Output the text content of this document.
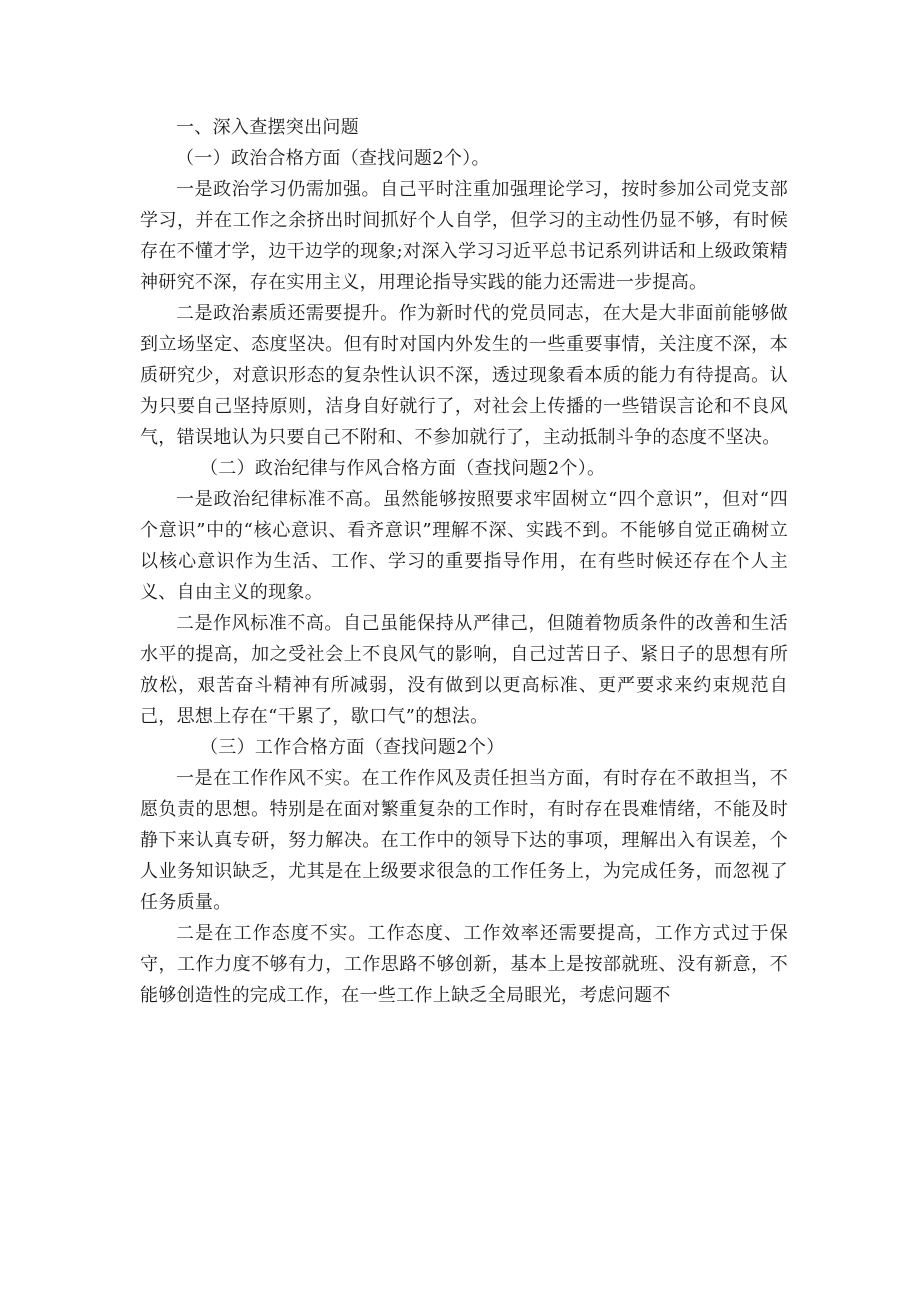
一、深入查摆突出问题

（一）政治合格方面（查找问题2个）。

一是政治学习仍需加强。自己平时注重加强理论学习，按时参加公司党支部学习，并在工作之余挤出时间抓好个人自学，但学习的主动性仍显不够，有时候存在不懂才学，边干边学的现象;对深入学习习近平总书记系列讲话和上级政策精神研究不深，存在实用主义，用理论指导实践的能力还需进一步提高。

二是政治素质还需要提升。作为新时代的党员同志，在大是大非面前能够做到立场坚定、态度坚决。但有时对国内外发生的一些重要事情，关注度不深，本质研究少，对意识形态的复杂性认识不深，透过现象看本质的能力有待提高。认为只要自己坚持原则，洁身自好就行了，对社会上传播的一些错误言论和不良风气，错误地认为只要自己不附和、不参加就行了，主动抵制斗争的态度不坚决。

（二）政治纪律与作风合格方面（查找问题2个）。

一是政治纪律标准不高。虽然能够按照要求牢固树立“四个意识”，但对“四个意识”中的“核心意识、看齐意识”理解不深、实践不到。不能够自觉正确树立以核心意识作为生活、工作、学习的重要指导作用，在有些时候还存在个人主义、自由主义的现象。

二是作风标准不高。自己虽能保持从严律己，但随着物质条件的改善和生活水平的提高，加之受社会上不良风气的影响，自己过苦日子、紧日子的思想有所放松，艰苦奋斗精神有所减弱，没有做到以更高标准、更严要求来约束规范自己，思想上存在“干累了，歇口气”的想法。

（三）工作合格方面（查找问题2个）

一是在工作作风不实。在工作作风及责任担当方面，有时存在不敢担当，不愿负责的思想。特别是在面对繁重复杂的工作时，有时存在畏难情绪，不能及时静下来认真专研，努力解决。在工作中的领导下达的事项，理解出入有误差，个人业务知识缺乏，尤其是在上级要求很急的工作任务上，为完成任务，而忽视了任务质量。

二是在工作态度不实。工作态度、工作效率还需要提高，工作方式过于保守，工作力度不够有力，工作思路不够创新，基本上是按部就班、没有新意，不能够创造性的完成工作，在一些工作上缺乏全局眼光，考虑问题不
